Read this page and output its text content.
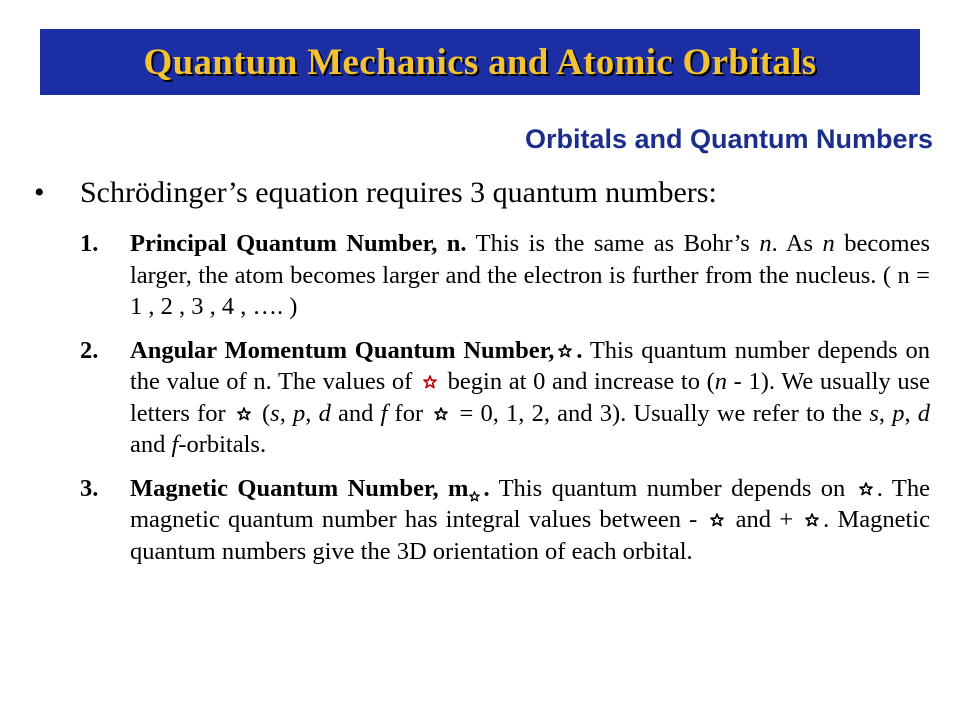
Quantum Mechanics and Atomic Orbitals
Orbitals and Quantum Numbers
•	Schrödinger’s equation requires 3 quantum numbers:
1.	Principal Quantum Number, n. This is the same as Bohr’s n. As n becomes larger, the atom becomes larger and the electron is further from the nucleus. ( n = 1 , 2 , 3 , 4 , …. )
2.	Angular Momentum Quantum Number, . This quantum number depends on the value of n. The values of
begin at 0 and increase to (n - 1). We usually use letters for
(s, p, d and f for
= 0, 1, 2, and 3). Usually we refer to the s, p, d and f-orbitals.
3.	Magnetic Quantum Number, m . This quantum number depends on
. The magnetic quantum number has integral values between -
and +
. Magnetic quantum numbers give the 3D orientation of each orbital.
